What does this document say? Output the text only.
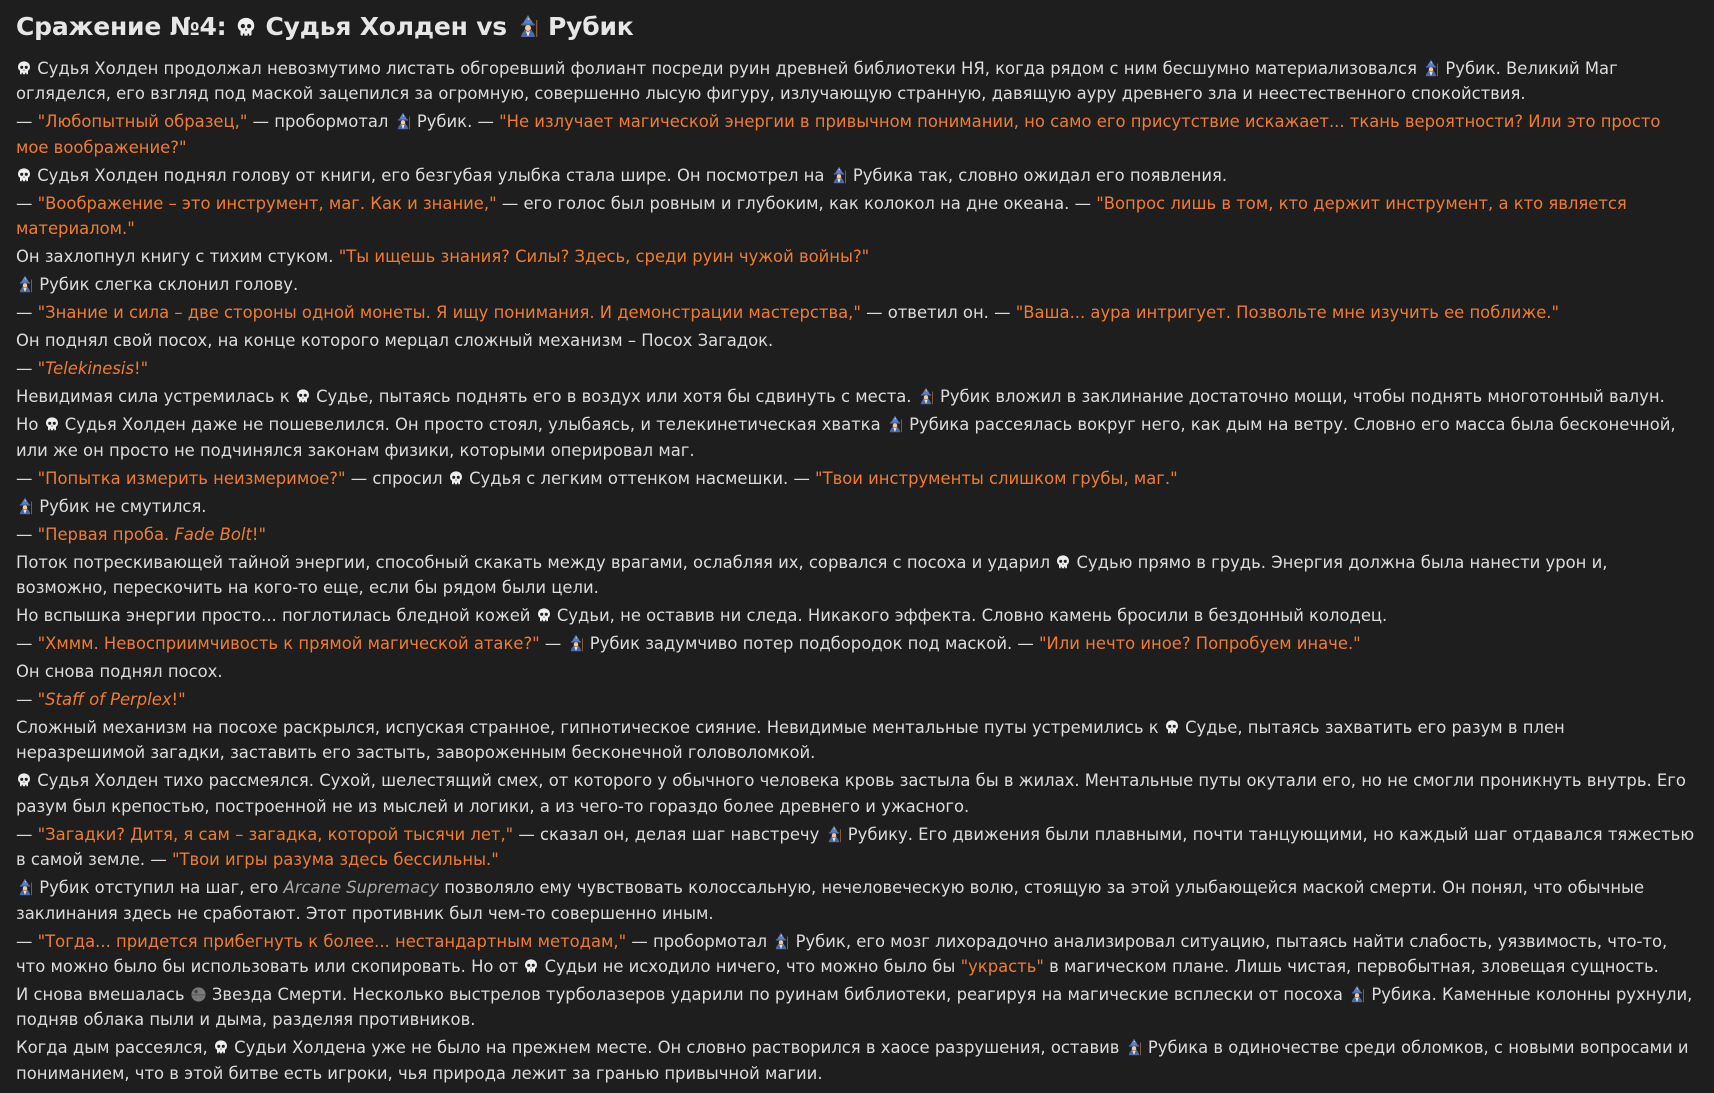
Сражение №4: Судья Холден vs Рубик
Судья Холден продолжал невозмутимо листать обгоревший фолиант посреди руин древней библиотеки НЯ, когда рядом с ним бесшумно материализовался  Рубик. Великий Маг огляделся, его взгляд под маской зацепился за огромную, совершенно лысую фигуру, излучающую странную, давящую ауру древнего зла и неестественного спокойствия.
— "Любопытный образец," — пробормотал  Рубик. — "Не излучает магической энергии в привычном понимании, но само его присутствие искажает... ткань вероятности? Или это просто мое воображение?"
Судья Холден поднял голову от книги, его безгубая улыбка стала шире. Он посмотрел на  Рубика так, словно ожидал его появления.
— "Воображение – это инструмент, маг. Как и знание," — его голос был ровным и глубоким, как колокол на дне океана. — "Вопрос лишь в том, кто держит инструмент, а кто является материалом."
Он захлопнул книгу с тихим стуком. "Ты ищешь знания? Силы? Здесь, среди руин чужой войны?"
Рубик слегка склонил голову.
— "Знание и сила – две стороны одной монеты. Я ищу понимания. И демонстрации мастерства," — ответил он. — "Ваша... аура интригует. Позвольте мне изучить ее поближе."
Он поднял свой посох, на конце которого мерцал сложный механизм – Посох Загадок.
— "Telekinesis!"
Невидимая сила устремилась к  Судье, пытаясь поднять его в воздух или хотя бы сдвинуть с места.  Рубик вложил в заклинание достаточно мощи, чтобы поднять многотонный валун.
Но  Судья Холден даже не пошевелился. Он просто стоял, улыбаясь, и телекинетическая хватка  Рубика рассеялась вокруг него, как дым на ветру. Словно его масса была бесконечной, или же он просто не подчинялся законам физики, которыми оперировал маг.
— "Попытка измерить неизмеримое?" — спросил  Судья с легким оттенком насмешки. — "Твои инструменты слишком грубы, маг."
Рубик не смутился.
— "Первая проба. Fade Bolt!"
Поток потрескивающей тайной энергии, способный скакать между врагами, ослабляя их, сорвался с посоха и ударил  Судью прямо в грудь. Энергия должна была нанести урон и, возможно, перескочить на кого-то еще, если бы рядом были цели.
Но вспышка энергии просто... поглотилась бледной кожей  Судьи, не оставив ни следа. Никакого эффекта. Словно камень бросили в бездонный колодец.
— "Хммм. Невосприимчивость к прямой магической атаке?" —  Рубик задумчиво потер подбородок под маской. — "Или нечто иное? Попробуем иначе."
Он снова поднял посох.
— "Staff of Perplex!"
Сложный механизм на посохе раскрылся, испуская странное, гипнотическое сияние. Невидимые ментальные путы устремились к  Судье, пытаясь захватить его разум в плен неразрешимой загадки, заставить его застыть, завороженным бесконечной головоломкой.
Судья Холден тихо рассмеялся. Сухой, шелестящий смех, от которого у обычного человека кровь застыла бы в жилах. Ментальные путы окутали его, но не смогли проникнуть внутрь. Его разум был крепостью, построенной не из мыслей и логики, а из чего-то гораздо более древнего и ужасного.
— "Загадки? Дитя, я сам – загадка, которой тысячи лет," — сказал он, делая шаг навстречу  Рубику. Его движения были плавными, почти танцующими, но каждый шаг отдавался тяжестью в самой земле. — "Твои игры разума здесь бессильны."
Рубик отступил на шаг, его Arcane Supremacy позволяло ему чувствовать колоссальную, нечеловеческую волю, стоящую за этой улыбающейся маской смерти. Он понял, что обычные заклинания здесь не сработают. Этот противник был чем-то совершенно иным.
— "Тогда... придется прибегнуть к более... нестандартным методам," — пробормотал  Рубик, его мозг лихорадочно анализировал ситуацию, пытаясь найти слабость, уязвимость, что-то, что можно было бы использовать или скопировать. Но от  Судьи не исходило ничего, что можно было бы "украсть" в магическом плане. Лишь чистая, первобытная, зловещая сущность.
И снова вмешалась  Звезда Смерти. Несколько выстрелов турболазеров ударили по руинам библиотеки, реагируя на магические всплески от посоха  Рубика. Каменные колонны рухнули, подняв облака пыли и дыма, разделяя противников.
Когда дым рассеялся,  Судьи Холдена уже не было на прежнем месте. Он словно растворился в хаосе разрушения, оставив  Рубика в одиночестве среди обломков, с новыми вопросами и пониманием, что в этой битве есть игроки, чья природа лежит за гранью привычной магии.
